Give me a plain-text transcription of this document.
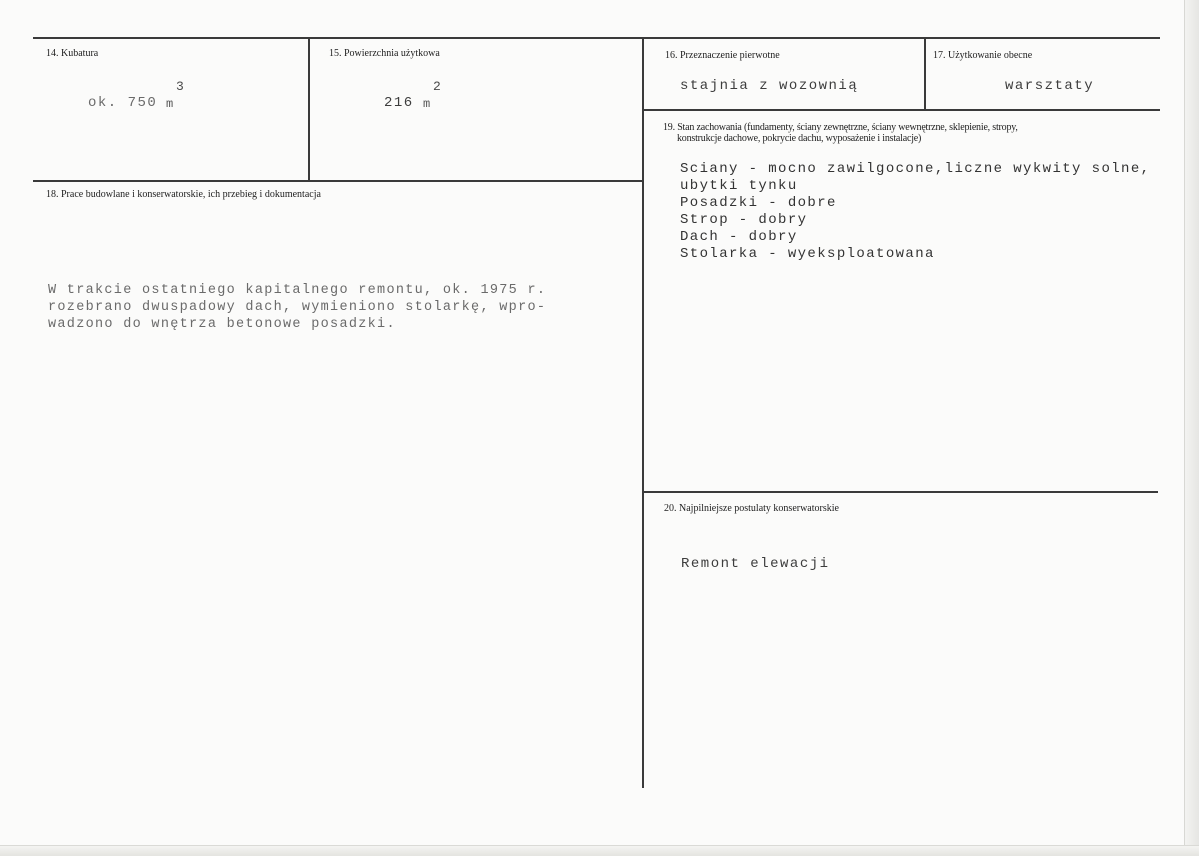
14. Kubatura
3
ok. 750 m
15. Powierzchnia użytkowa
2
216 m
16. Przeznaczenie pierwotne
stajnia z wozownią
17. Użytkowanie obecne
warsztaty
19. Stan zachowania (fundamenty, ściany zewnętrzne, ściany wewnętrzne, sklepienie, stropy,
konstrukcje dachowe, pokrycie dachu, wyposażenie i instalacje)
Sciany - mocno zawilgocone,liczne wykwity solne,
ubytki tynku
Posadzki - dobre
Strop - dobry
Dach - dobry
Stolarka - wyeksploatowana
18. Prace budowlane i konserwatorskie, ich przebieg i dokumentacja
W trakcie ostatniego kapitalnego remontu, ok. 1975 r.
rozebrano dwuspadowy dach, wymieniono stolarkę, wpro-
wadzono do wnętrza betonowe posadzki.
20. Najpilniejsze postulaty konserwatorskie
Remont elewacji
